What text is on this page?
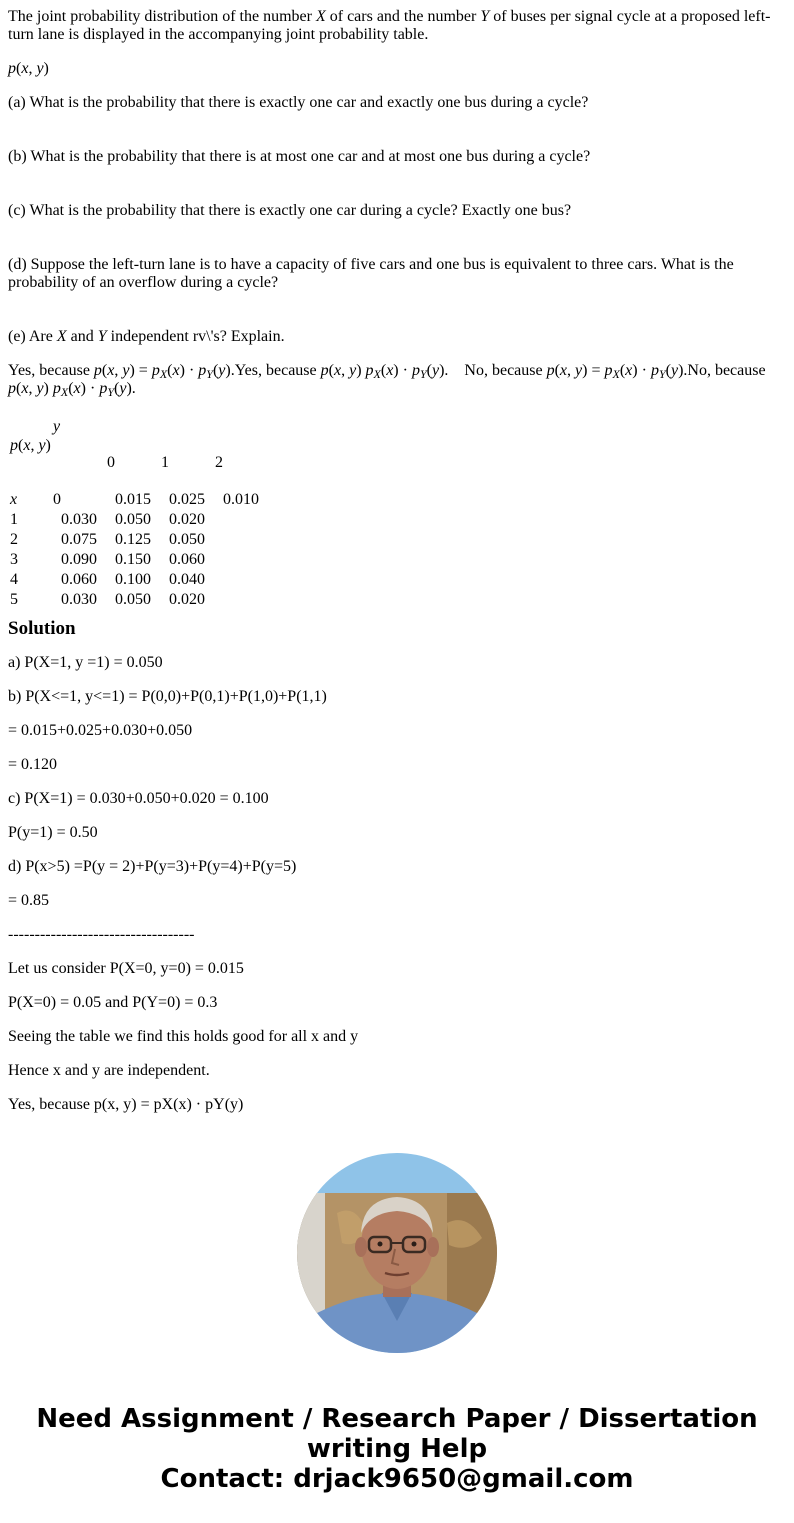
The joint probability distribution of the number X of cars and the number Y of buses per signal cycle at a proposed left-turn lane is displayed in the accompanying joint probability table.

p(x, y)

(a) What is the probability that there is exactly one car and exactly one bus during a cycle?

(b) What is the probability that there is at most one car and at most one bus during a cycle?

(c) What is the probability that there is exactly one car during a cycle? Exactly one bus?

(d) Suppose the left-turn lane is to have a capacity of five cars and one bus is equivalent to three cars. What is the probability of an overflow during a cycle?

(e) Are X and Y independent rv\'s? Explain.

Yes, because p(x, $y) = p_X(x) \cdot p_Y(y).Yes$, because p(x, y) $p_X(x) \cdot p_Y(y)$. No, because p(x, $y) = p_X(x) \cdot p_Y(y).No$, because p(x, y) $p_X(x) \cdot p_Y(y)$.

y
p(x, y)
0	1	2
x 0	0.015 0.025 0.010
1	0.030 0.050 0.020
2	0.075 0.125 0.050
3	0.090 0.150 0.060
4	0.060 0.100 0.040
5	0.030 0.050 0.020
Solution

a) P(X=1, y =1) = 0.050

b) P(X<=1, y<=1) = P(0,0)+P(0,1)+P(1,0)+P(1,1)

= 0.015+0.025+0.030+0.050

= 0.120

c) P(X=1) = 0.030+0.050+0.020 = 0.100

P(y=1) = 0.50

d) P(x>5) =P(y = 2)+P(y=3)+P(y=4)+P(y=5)

= 0.85

-----------------------------------

Let us consider P(X=0, y=0) = 0.015

P(X=0) = 0.05 and P(Y=0) = 0.3

Seeing the table we find this holds good for all x and y

Hence x and y are independent.

Yes, because p(x, y) = pX(x) · pY(y)

Need Assignment / Research Paper / Dissertation
writing Help
Contact: drjack9650@gmail.com
